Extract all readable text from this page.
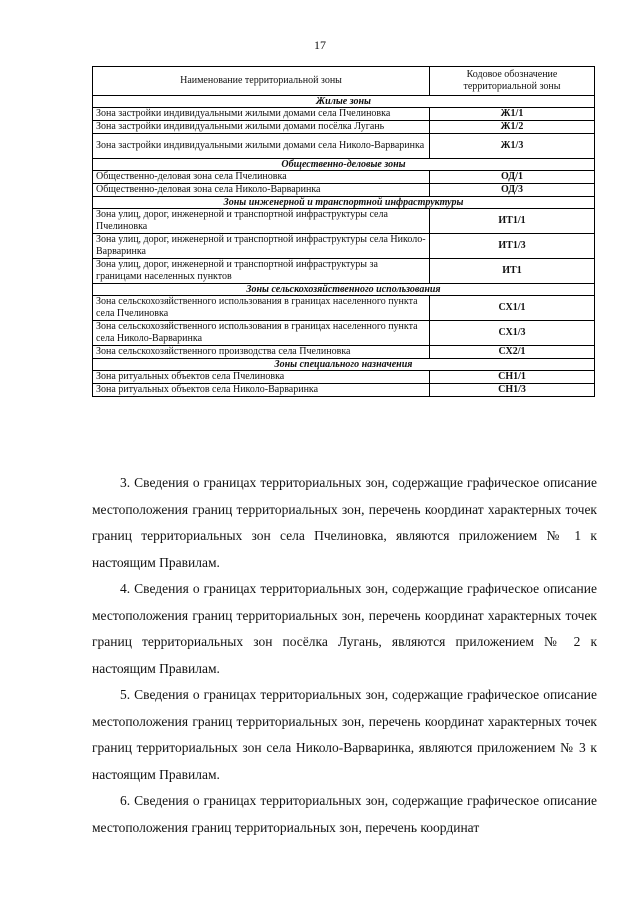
17
Наименование территориальной зоны	Кодовое обозначение территориальной зоны
Жилые зоны	
Зона застройки индивидуальными жилыми домами села Пчелиновка	Ж1/1
Зона застройки индивидуальными жилыми домами посёлка Лугань	Ж1/2
Зона застройки индивидуальными жилыми домами села Николо-Варваринка	Ж1/3
Общественно-деловые зоны	
Общественно-деловая зона села Пчелиновка	ОД/1
Общественно-деловая зона села Николо-Варваринка	ОД/3
Зоны инженерной и транспортной инфраструктуры	
Зона улиц, дорог, инженерной и транспортной инфраструктуры села Пчелиновка	ИТ1/1
Зона улиц, дорог, инженерной и транспортной инфраструктуры села Николо-Варваринка	ИТ1/3
Зона улиц, дорог, инженерной и транспортной инфраструктуры за границами населенных пунктов	ИТ1
Зоны сельскохозяйственного использования	
Зона сельскохозяйственного использования в границах населенного пункта села Пчелиновка	СХ1/1
Зона сельскохозяйственного использования в границах населенного пункта села Николо-Варваринка	СХ1/3
Зона сельскохозяйственного производства села Пчелиновка	СХ2/1
Зоны специального назначения	
Зона ритуальных объектов села Пчелиновка	СН1/1
Зона ритуальных объектов села Николо-Варваринка	СН1/3

3. Сведения о границах территориальных зон, содержащие графическое описание местоположения границ территориальных зон, перечень координат характерных точек границ территориальных зон села Пчелиновка, являются приложением № 1 к настоящим Правилам.

4. Сведения о границах территориальных зон, содержащие графическое описание местоположения границ территориальных зон, перечень координат характерных точек границ территориальных зон посёлка Лугань, являются приложением № 2 к настоящим Правилам.

5. Сведения о границах территориальных зон, содержащие графическое описание местоположения границ территориальных зон, перечень координат характерных точек границ территориальных зон села Николо-Варваринка, являются приложением № 3 к настоящим Правилам.

6. Сведения о границах территориальных зон, содержащие графическое описание местоположения границ территориальных зон, перечень координат
